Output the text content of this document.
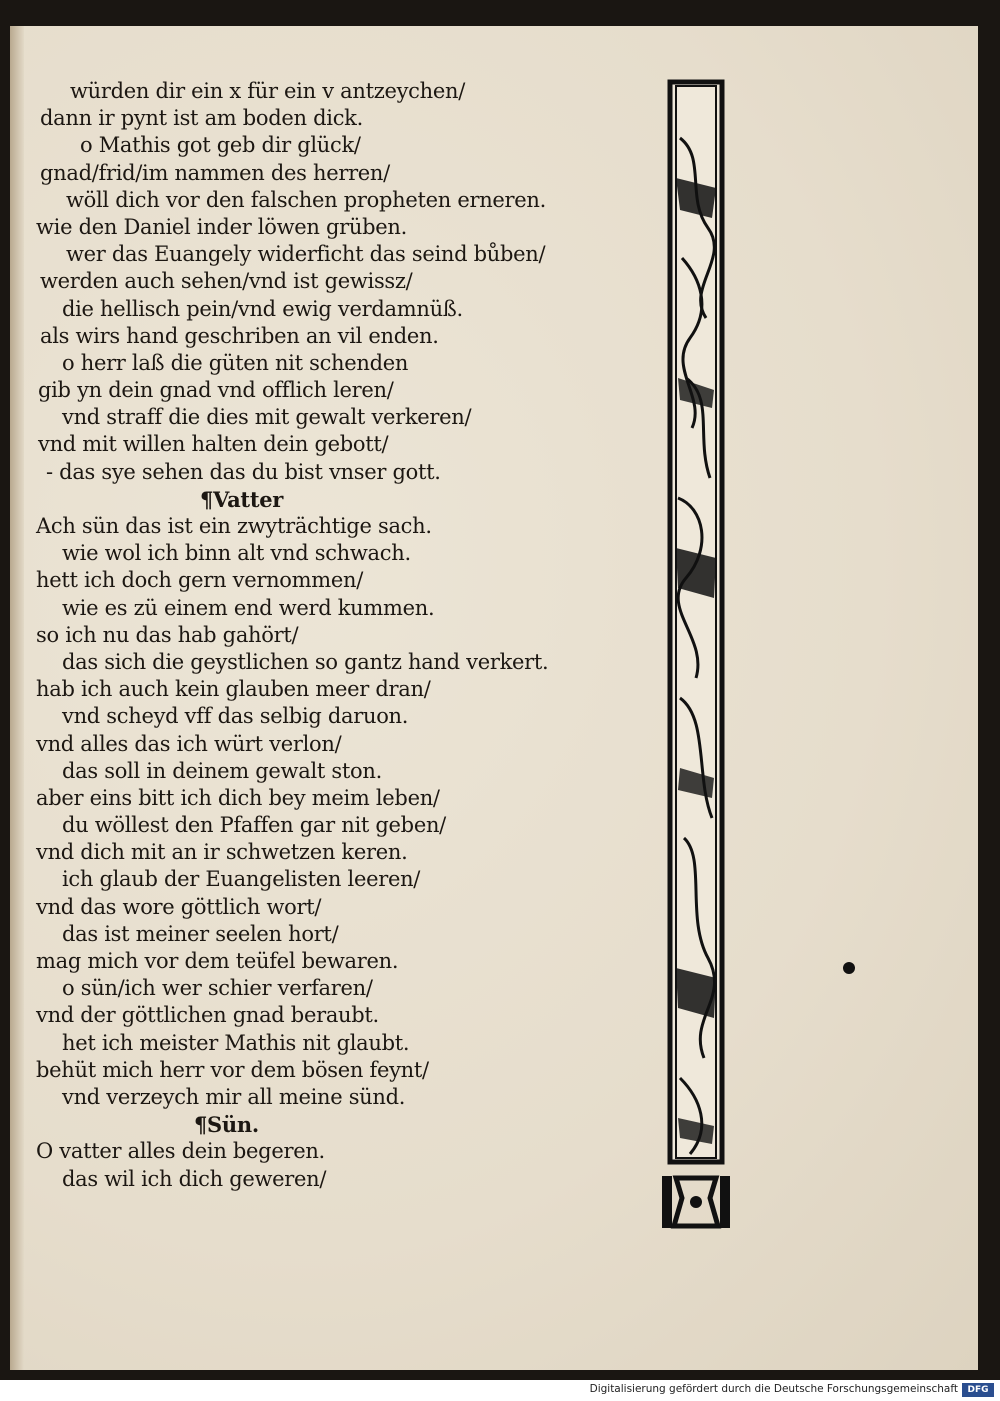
würden dir ein x für ein v antzeychen/
dann ir pynt ist am boden dick.
o Mathis got geb dir glück/
gnad/frid/im nammen des herren/
wöll dich vor den falschen propheten erneren.
wie den Daniel inder löwen grüben.
wer das Euangely widerficht das seind bůben/
werden auch sehen/vnd ist gewissz/
die hellisch pein/vnd ewig verdamnüß.
als wirs hand geschriben an vil enden.
o herr laß die güten nit schenden
gib yn dein gnad vnd offlich leren/
vnd straff die dies mit gewalt verkeren/
vnd mit willen halten dein gebott/
- das sye sehen das du bist vnser gott.
¶Vatter
Ach sün das ist ein zwyträchtige sach.
wie wol ich binn alt vnd schwach.
hett ich doch gern vernommen/
wie es zü einem end werd kummen.
so ich nu das hab gahört/
das sich die geystlichen so gantz hand verkert.
hab ich auch kein glauben meer dran/
vnd scheyd vff das selbig daruon.
vnd alles das ich würt verlon/
das soll in deinem gewalt ston.
aber eins bitt ich dich bey meim leben/
du wöllest den Pfaffen gar nit geben/
vnd dich mit an ir schwetzen keren.
ich glaub der Euangelisten leeren/
vnd das wore göttlich wort/
das ist meiner seelen hort/
mag mich vor dem teüfel bewaren.
o sün/ich wer schier verfaren/
vnd der göttlichen gnad beraubt.
het ich meister Mathis nit glaubt.
behüt mich herr vor dem bösen feynt/
vnd verzeych mir all meine sünd.
¶Sün.
O vatter alles dein begeren.
das wil ich dich geweren/
Digitalisierung gefördert durch die Deutsche Forschungsgemeinschaft	DFG
